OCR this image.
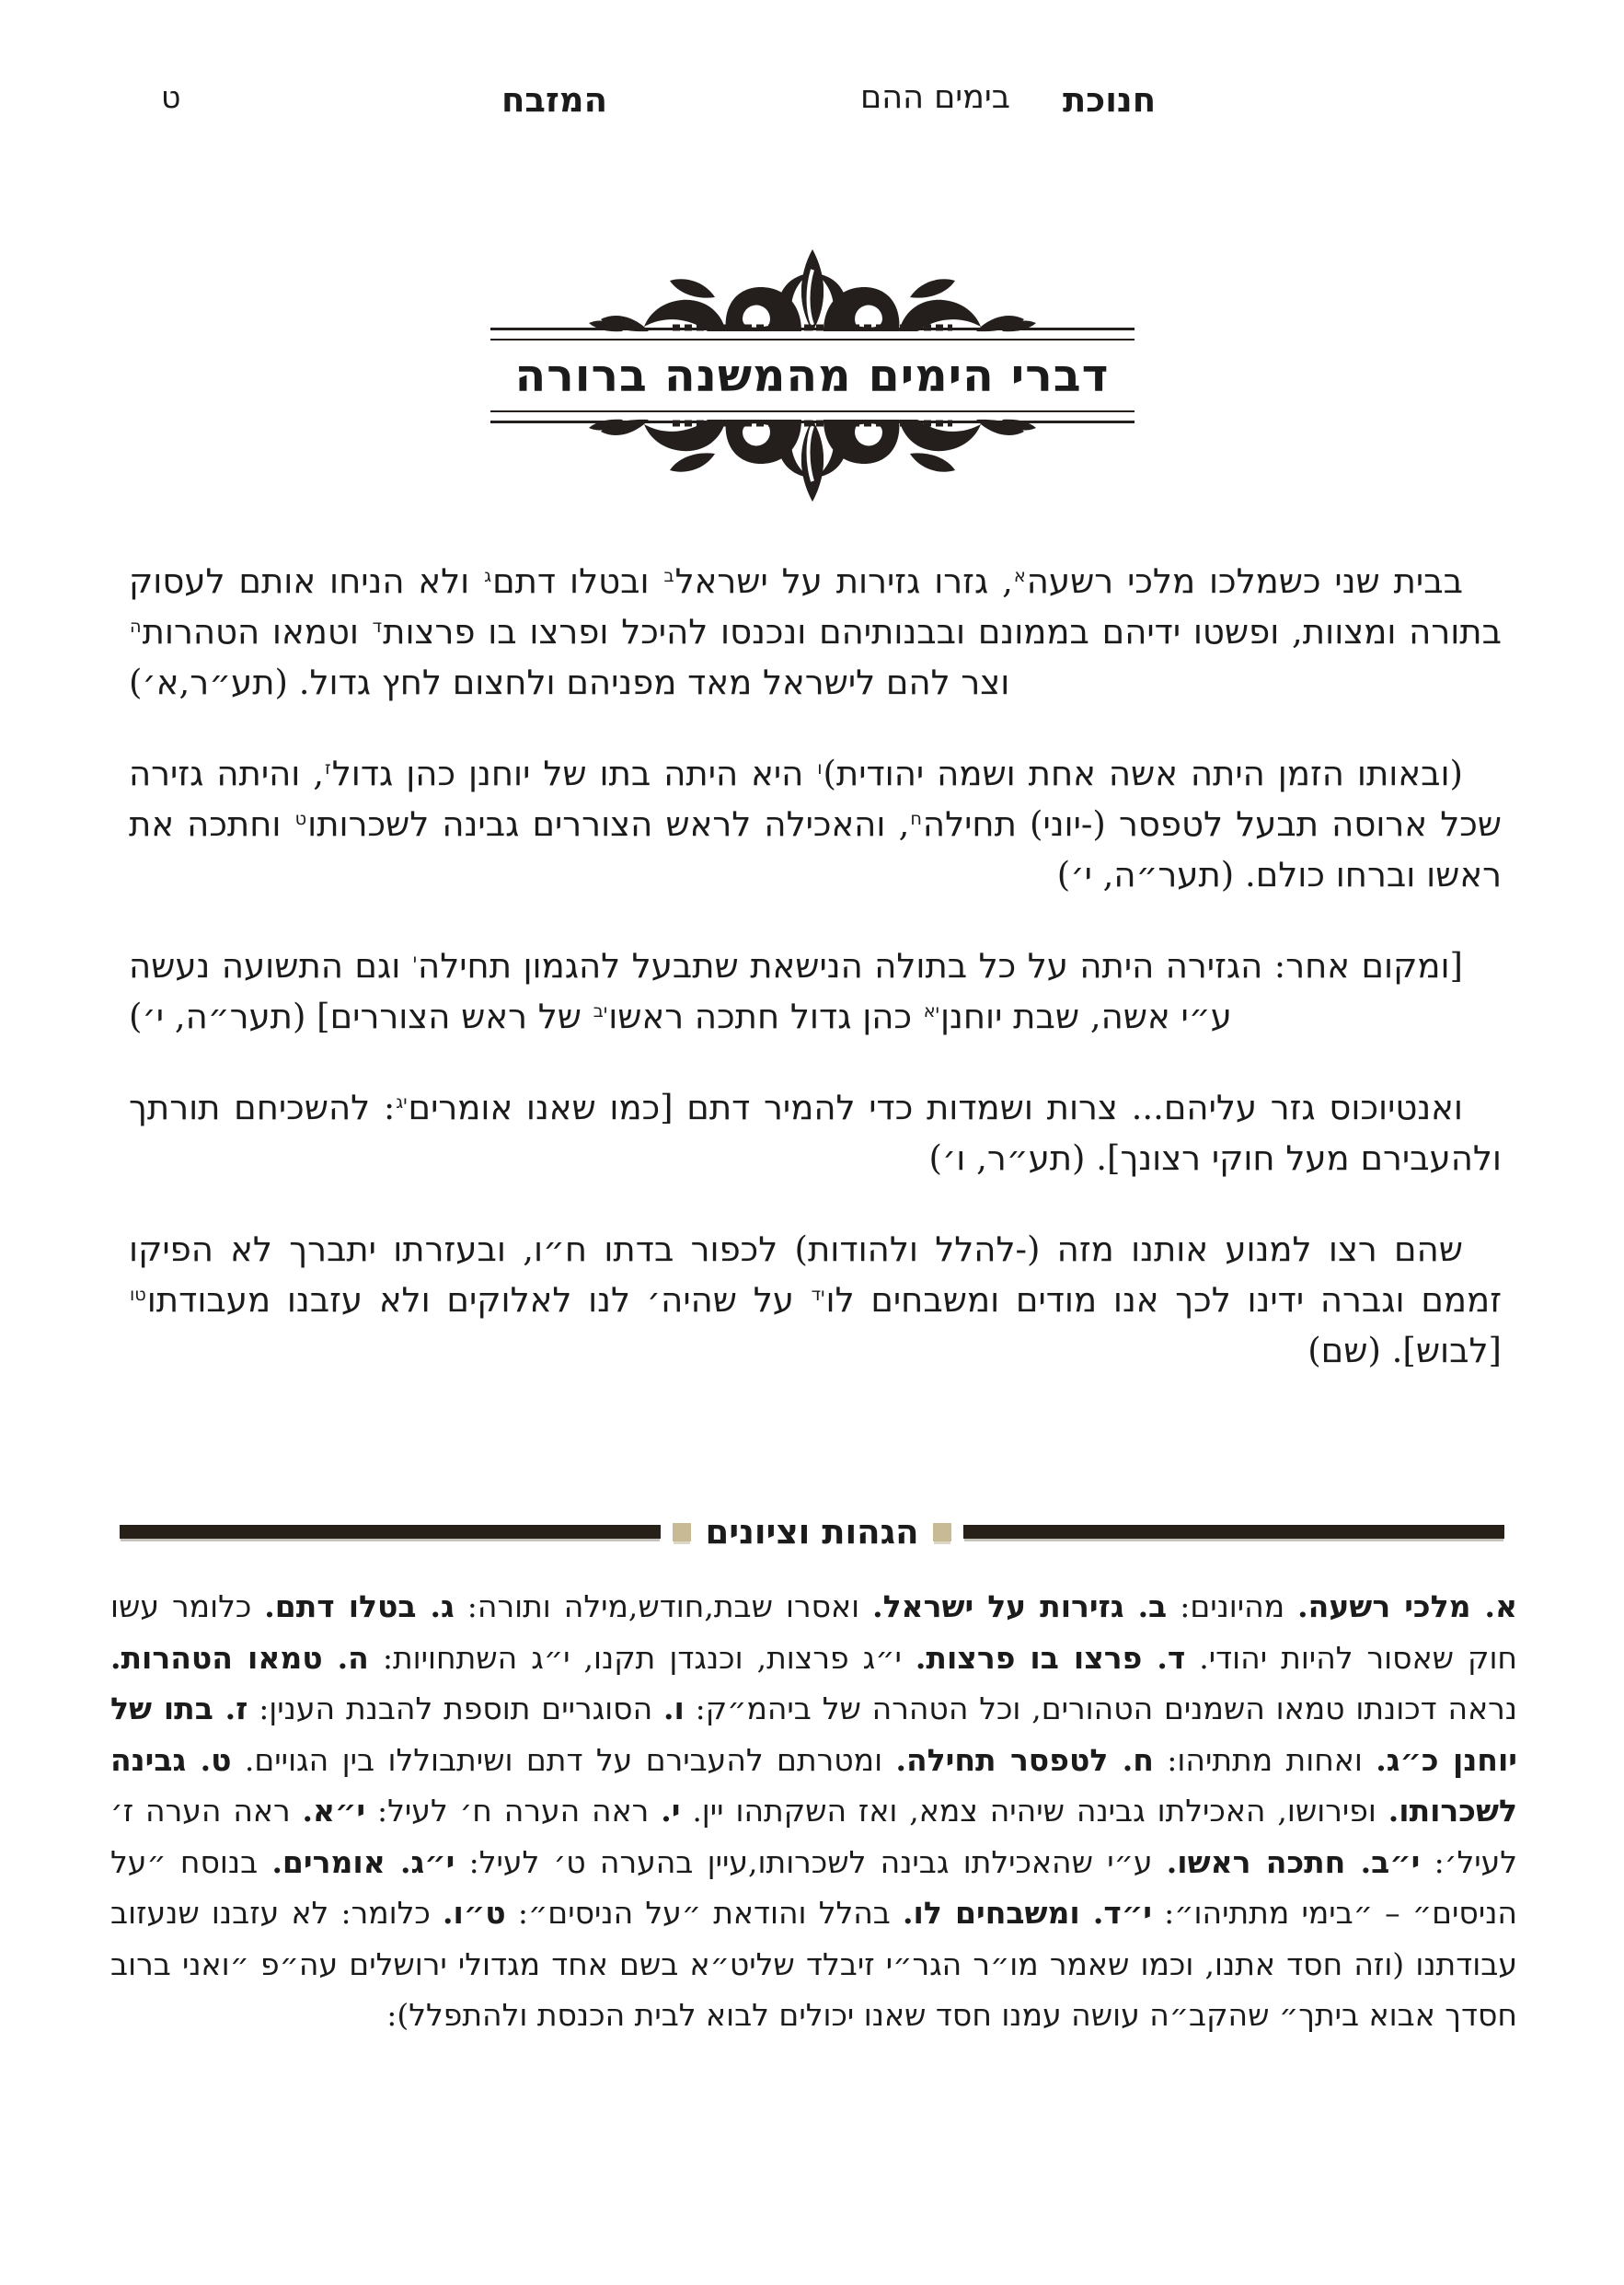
חנוכת
בימים ההם
המזבח
ט
דברי הימים מהמשנה ברורה

בבית שני כשמלכו מלכי רשעה$^א$, גזרו גזירות על ישראל$^ב$ ובטלו דתם$^ג$ ולא הניחו אותם לעסוק בתורה ומצוות, ופשטו ידיהם בממונם ובבנותיהם ונכנסו להיכל ופרצו בו פרצות$^ד$ וטמאו הטהרות$^ה$ וצר להם לישראל מאד מפניהם ולחצום לחץ גדול. (תע״ר,א׳)

(ובאותו הזמן היתה אשה אחת ושמה יהודית)$^ו$ היא היתה בתו של יוחנן כהן גדול$^ז$, והיתה גזירה שכל ארוסה תבעל לטפסר (-יוני) תחילה$^ח$, והאכילה לראש הצוררים גבינה לשכרותו$^ט$ וחתכה את ראשו וברחו כולם. (תער״ה, י׳)

[ומקום אחר: הגזירה היתה על כל בתולה הנישאת שתבעל להגמון תחילה$^י$ וגם התשועה נעשה ע״י אשה, שבת יוחנן$^{יא}$ כהן גדול חתכה ראשו$^{יב}$ של ראש הצוררים] (תער״ה, י׳)

ואנטיוכוס גזר עליהם... צרות ושמדות כדי להמיר דתם [כמו שאנו אומרים$^{יג}$: להשכיחם תורתך ולהעבירם מעל חוקי רצונך]. (תע״ר, ו׳)

שהם רצו למנוע אותנו מזה (-להלל ולהודות) לכפור בדתו ח״ו, ובעזרתו יתברך לא הפיקו זממם וגברה ידינו לכך אנו מודים ומשבחים לו$^{יד}$ על שהיה׳ לנו לאלוקים ולא עזבנו מעבודתו$^{טו}$ [לבוש]. (שם)

הגהות וציונים
א. מלכי רשעה. מהיונים: ב. גזירות על ישראל. ואסרו שבת,חודש,מילה ותורה: ג. בטלו דתם. כלומר עשו חוק שאסור להיות יהודי. ד. פרצו בו פרצות. י״ג פרצות, וכנגדן תקנו, י״ג השתחויות: ה. טמאו הטהרות. נראה דכונתו טמאו השמנים הטהורים, וכל הטהרה של ביהמ״ק: ו. הסוגריים תוספת להבנת הענין: ז. בתו של יוחנן כ״ג. ואחות מתתיהו: ח. לטפסר תחילה. ומטרתם להעבירם על דתם ושיתבוללו בין הגויים. ט. גבינה לשכרותו. ופירושו, האכילתו גבינה שיהיה צמא, ואז השקתהו יין. י. ראה הערה ח׳ לעיל: י״א. ראה הערה ז׳ לעיל׳: י״ב. חתכה ראשו. ע״י שהאכילתו גבינה לשכרותו,עיין בהערה ט׳ לעיל: י״ג. אומרים. בנוסח ״על הניסים״ – ״בימי מתתיהו״: י״ד. ומשבחים לו. בהלל והודאת ״על הניסים״: ט״ו. כלומר: לא עזבנו שנעזוב עבודתנו (וזה חסד אתנו, וכמו שאמר מו״ר הגר״י זיבלד שליט״א בשם אחד מגדולי ירושלים עה״פ ״ואני ברוב חסדך אבוא ביתך״ שהקב״ה עושה עמנו חסד שאנו יכולים לבוא לבית הכנסת ולהתפלל):
